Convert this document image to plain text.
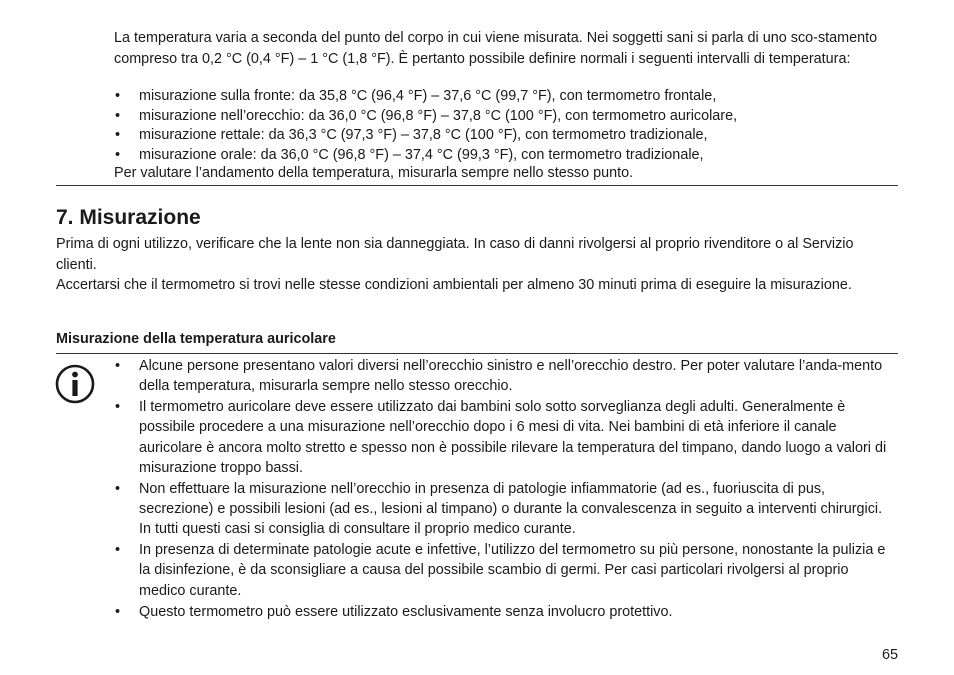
La temperatura varia a seconda del punto del corpo in cui viene misurata. Nei soggetti sani si parla di uno sco-stamento compreso tra 0,2 °C (0,4 °F) – 1 °C (1,8 °F). È pertanto possibile definire normali i seguenti intervalli di temperatura:

• misurazione sulla fronte: da 35,8 °C (96,4 °F) – 37,6 °C (99,7 °F), con termometro frontale,
• misurazione nell’orecchio: da 36,0 °C (96,8 °F) – 37,8 °C (100 °F), con termometro auricolare,
• misurazione rettale: da 36,3 °C (97,3 °F) – 37,8 °C (100 °F), con termometro tradizionale,
• misurazione orale: da 36,0 °C (96,8 °F) – 37,4 °C (99,3 °F), con termometro tradizionale,

Per valutare l’andamento della temperatura, misurarla sempre nello stesso punto.

7. Misurazione
Prima di ogni utilizzo, verificare che la lente non sia danneggiata. In caso di danni rivolgersi al proprio rivenditore o al Servizio clienti.
Accertarsi che il termometro si trovi nelle stesse condizioni ambientali per almeno 30 minuti prima di eseguire la misurazione.
Misurazione della temperatura auricolare
• Alcune persone presentano valori diversi nell’orecchio sinistro e nell’orecchio destro. Per poter valutare l’anda-mento della temperatura, misurarla sempre nello stesso orecchio.
• Il termometro auricolare deve essere utilizzato dai bambini solo sotto sorveglianza degli adulti. Generalmente è possibile procedere a una misurazione nell’orecchio dopo i 6 mesi di vita. Nei bambini di età inferiore il canale auricolare è ancora molto stretto e spesso non è possibile rilevare la temperatura del timpano, dando luogo a valori di misurazione troppo bassi.
• Non effettuare la misurazione nell’orecchio in presenza di patologie infiammatorie (ad es., fuoriuscita di pus, secrezione) e possibili lesioni (ad es., lesioni al timpano) o durante la convalescenza in seguito a interventi chirurgici. In tutti questi casi si consiglia di consultare il proprio medico curante.
• In presenza di determinate patologie acute e infettive, l’utilizzo del termometro su più persone, nonostante la pulizia e la disinfezione, è da sconsigliare a causa del possibile scambio di germi. Per casi particolari rivolgersi al proprio medico curante.
• Questo termometro può essere utilizzato esclusivamente senza involucro protettivo.
65
